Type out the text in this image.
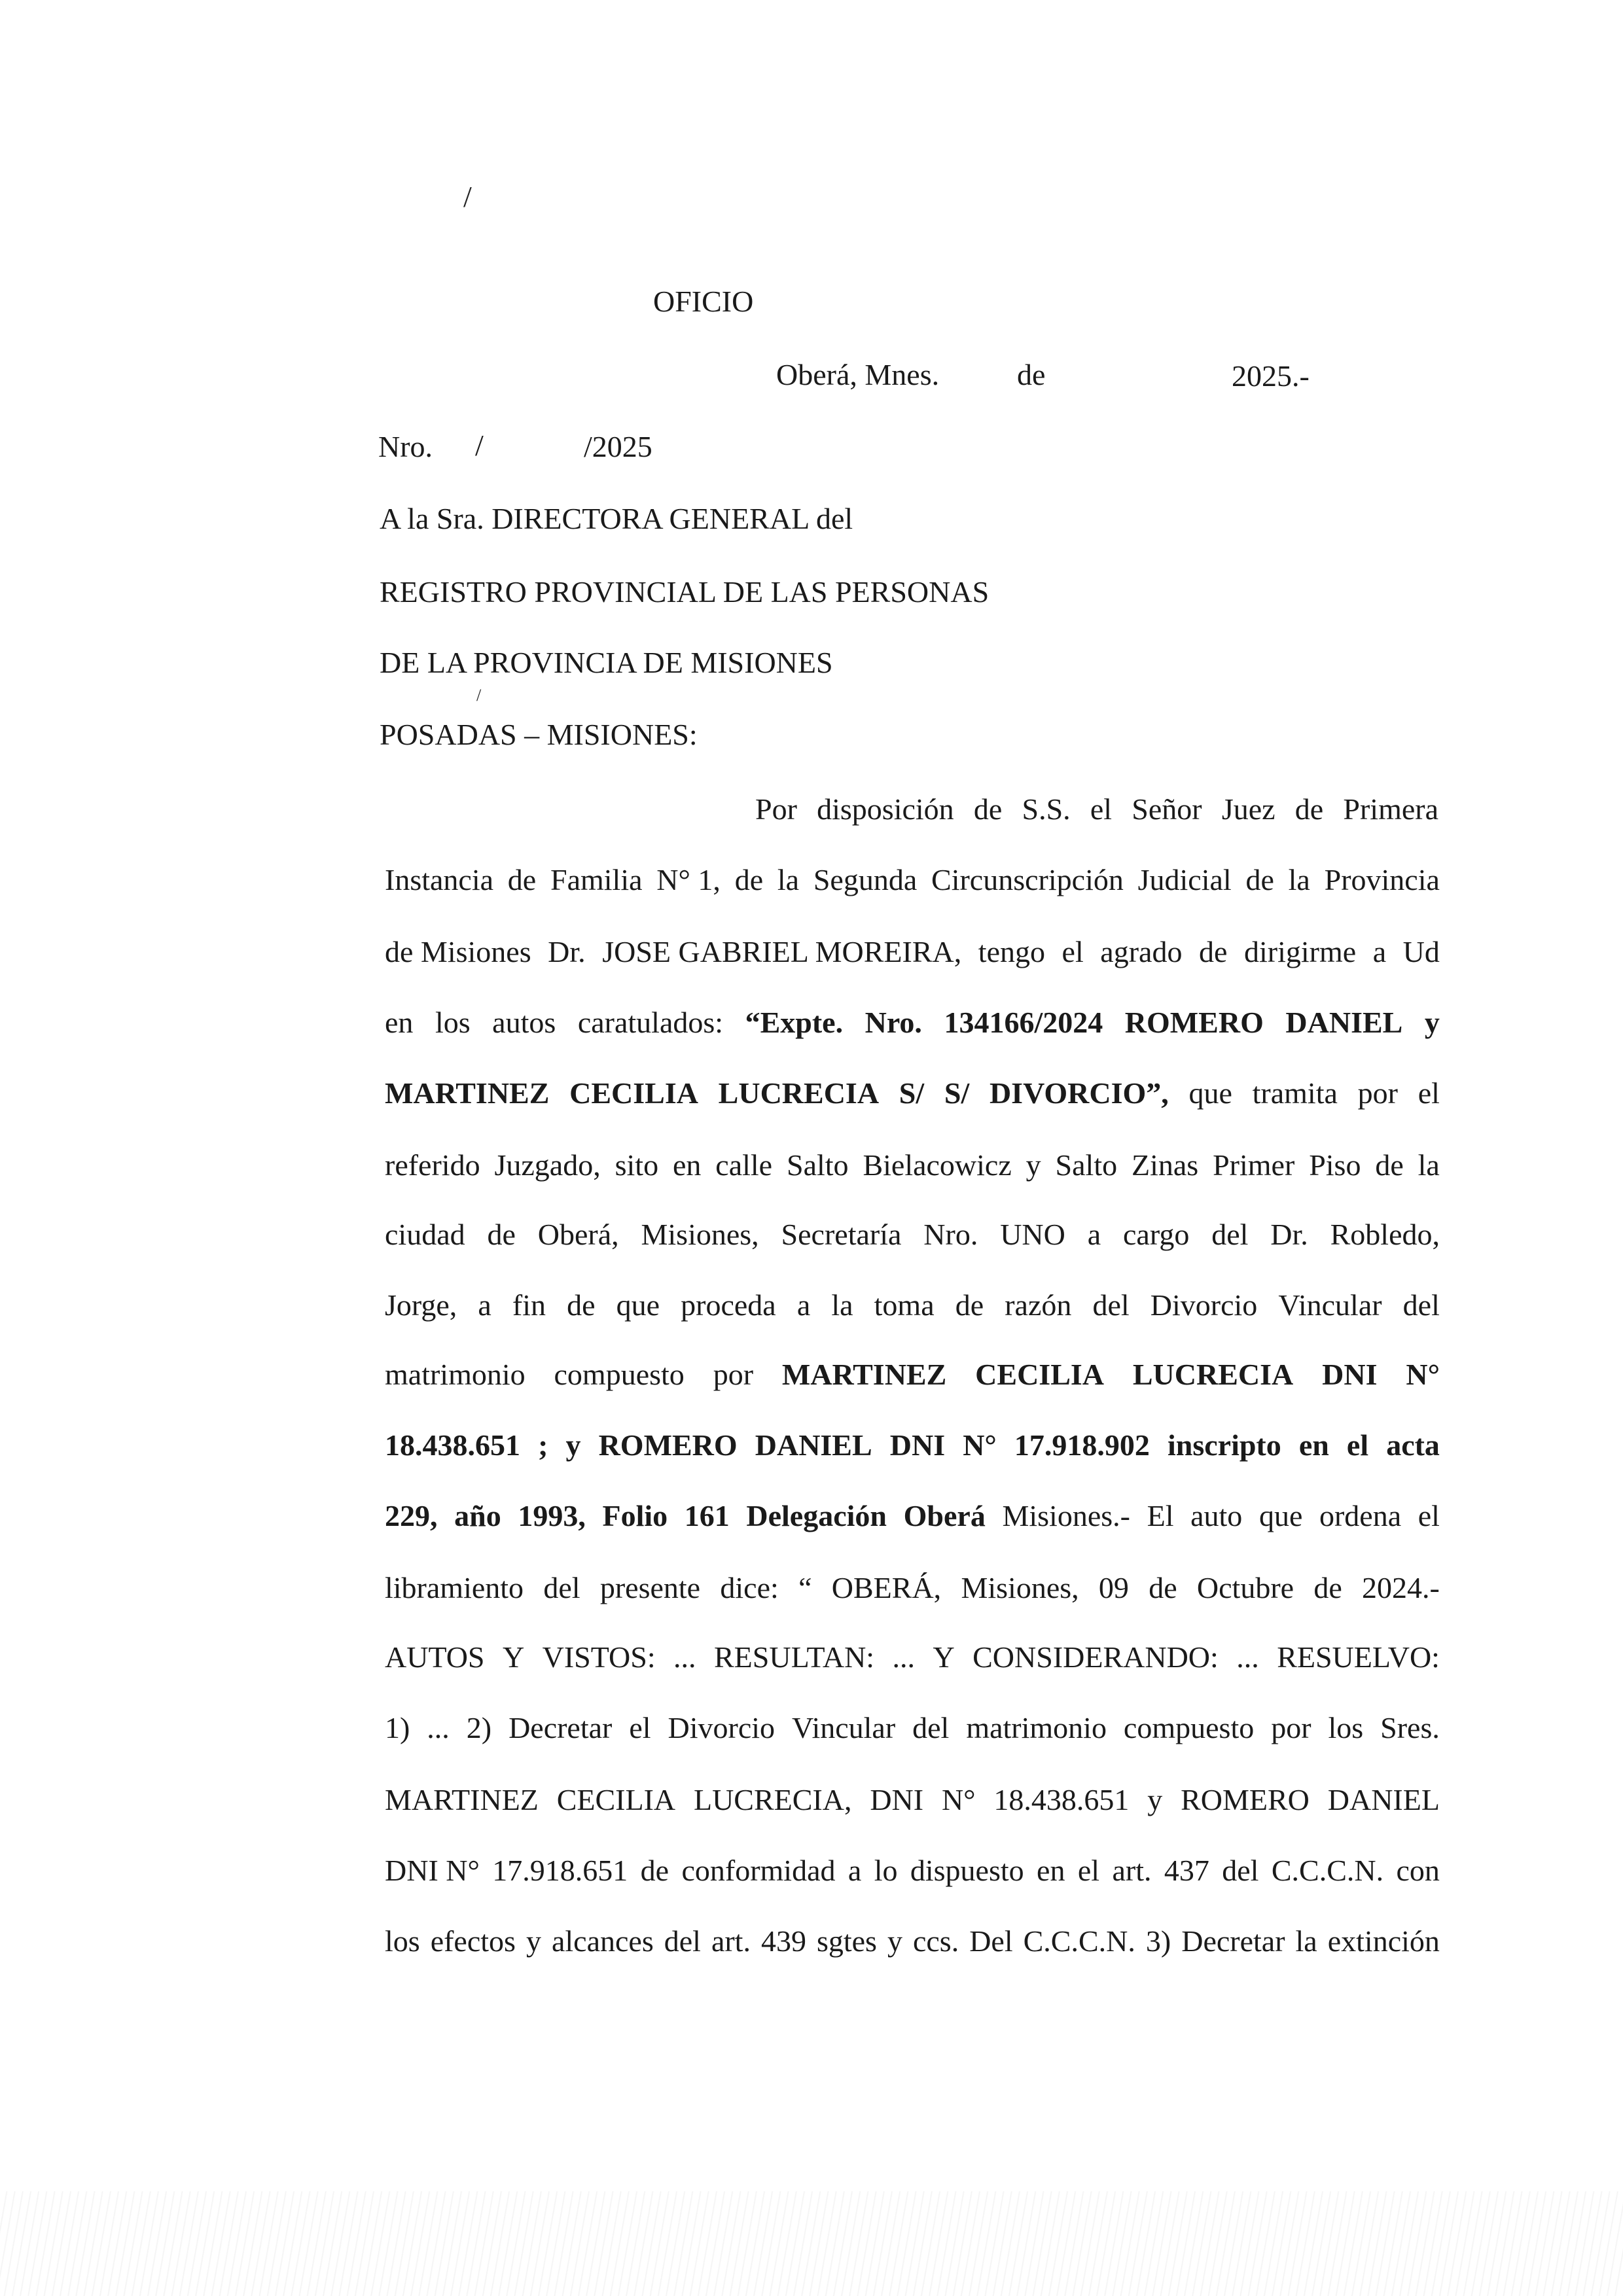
/
OFICIO
Oberá, Mnes.	de	2025.-
Nro. /	/2025
A la Sra. DIRECTORA GENERAL del
REGISTRO PROVINCIAL DE LAS PERSONAS
DE LA PROVINCIA DE MISIONES
/
POSADAS – MISIONES:
Por disposición de S.S. el Señor Juez de Primera
Instancia de Familia N° 1, de la Segunda Circunscripción Judicial de la Provincia
de Misiones Dr. JOSE GABRIEL MOREIRA, tengo el agrado de dirigirme a Ud
en los autos caratulados: “Expte. Nro. 134166/2024 ROMERO DANIEL y
MARTINEZ CECILIA LUCRECIA S/ S/ DIVORCIO”, que tramita por el
referido Juzgado, sito en calle Salto Bielacowicz y Salto Zinas Primer Piso de la
ciudad de Oberá, Misiones, Secretaría Nro. UNO a cargo del Dr. Robledo,
Jorge, a fin de que proceda a la toma de razón del Divorcio Vincular del
matrimonio compuesto por MARTINEZ CECILIA LUCRECIA DNI N°
18.438.651 ; y ROMERO DANIEL DNI N° 17.918.902 inscripto en el acta
229, año 1993, Folio 161 Delegación Oberá Misiones.- El auto que ordena el
libramiento del presente dice: “ OBERÁ, Misiones, 09 de Octubre de 2024.-
AUTOS Y VISTOS: ... RESULTAN: ... Y CONSIDERANDO: ... RESUELVO:
1) ... 2) Decretar el Divorcio Vincular del matrimonio compuesto por los Sres.
MARTINEZ CECILIA LUCRECIA, DNI N° 18.438.651 y ROMERO DANIEL
DNI N° 17.918.651 de conformidad a lo dispuesto en el art. 437 del C.C.C.N. con
los efectos y alcances del art. 439 sgtes y ccs. Del C.C.C.N. 3) Decretar la extinción
